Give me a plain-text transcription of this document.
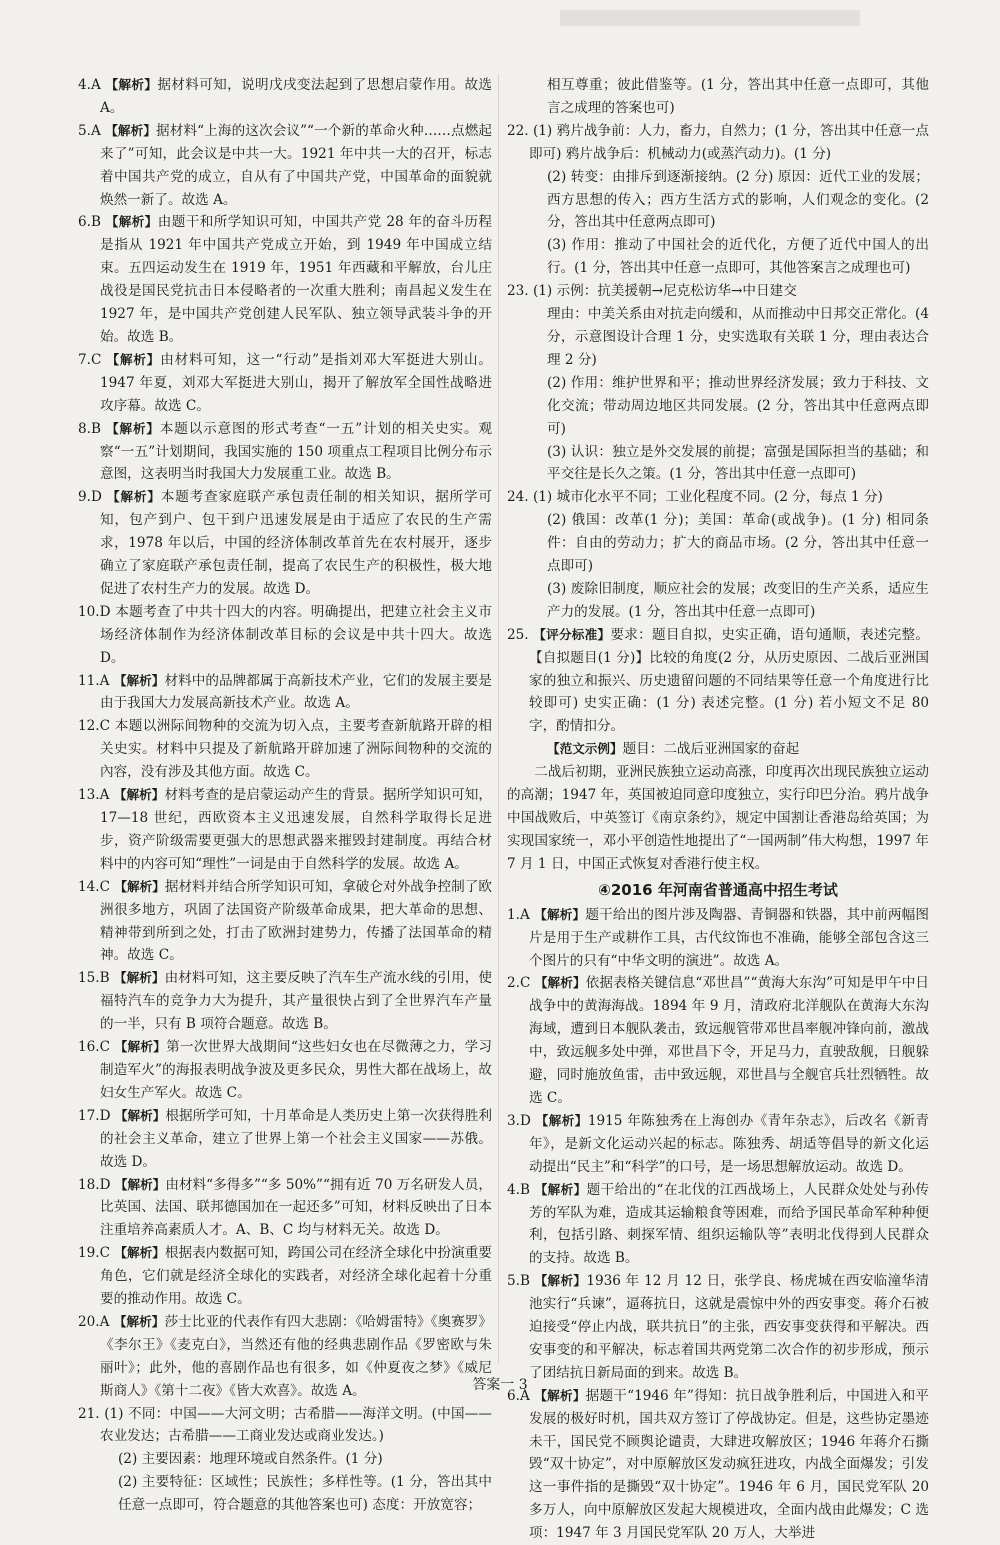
4.A 【解析】据材料可知，说明戊戌变法起到了思想启蒙作用。故选 A。

5.A 【解析】据材料“上海的这次会议”“一个新的革命火种……点燃起来了”可知，此会议是中共一大。1921 年中共一大的召开，标志着中国共产党的成立，自从有了中国共产党，中国革命的面貌就焕然一新了。故选 A。

6.B 【解析】由题干和所学知识可知，中国共产党 28 年的奋斗历程是指从 1921 年中国共产党成立开始，到 1949 年中国成立结束。五四运动发生在 1919 年，1951 年西藏和平解放，台儿庄战役是国民党抗击日本侵略者的一次重大胜利；南昌起义发生在 1927 年，是中国共产党创建人民军队、独立领导武装斗争的开始。故选 B。

7.C 【解析】由材料可知，这一“行动”是指刘邓大军挺进大别山。1947 年夏，刘邓大军挺进大别山，揭开了解放军全国性战略进攻序幕。故选 C。

8.B 【解析】本题以示意图的形式考查“一五”计划的相关史实。观察“一五”计划期间，我国实施的 150 项重点工程项目比例分布示意图，这表明当时我国大力发展重工业。故选 B。

9.D 【解析】本题考查家庭联产承包责任制的相关知识，据所学可知，包产到户、包干到户迅速发展是由于适应了农民的生产需求，1978 年以后，中国的经济体制改革首先在农村展开，逐步确立了家庭联产承包责任制，提高了农民生产的积极性，极大地促进了农村生产力的发展。故选 D。

10.D 本题考查了中共十四大的内容。明确提出，把建立社会主义市场经济体制作为经济体制改革目标的会议是中共十四大。故选 D。

11.A 【解析】材料中的品牌都属于高新技术产业，它们的发展主要是由于我国大力发展高新技术产业。故选 A。

12.C 本题以洲际间物种的交流为切入点，主要考查新航路开辟的相关史实。材料中只提及了新航路开辟加速了洲际间物种的交流的內容，没有涉及其他方面。故选 C。

13.A 【解析】材料考查的是启蒙运动产生的背景。据所学知识可知，17—18 世纪，西欧资本主义迅速发展，自然科学取得长足进步，资产阶级需要更强大的思想武器来摧毁封建制度。再结合材料中的内容可知“理性”一词是由于自然科学的发展。故选 A。

14.C 【解析】据材料并结合所学知识可知，拿破仑对外战争控制了欧洲很多地方，巩固了法国资产阶级革命成果，把大革命的思想、精神带到所到之处，打击了欧洲封建势力，传播了法国革命的精神。故选 C。

15.B 【解析】由材料可知，这主要反映了汽车生产流水线的引用，使福特汽车的竞争力大为提升，其产量很快占到了全世界汽车产量的一半，只有 B 项符合题意。故选 B。

16.C 【解析】第一次世界大战期间“这些妇女也在尽微薄之力，学习制造军火”的海报表明战争波及更多民众，男性大都在战场上，故妇女生产军火。故选 C。

17.D 【解析】根据所学可知，十月革命是人类历史上第一次获得胜利的社会主义革命，建立了世界上第一个社会主义国家——苏俄。故选 D。

18.D 【解析】由材料“多得多”“多 50%”“拥有近 70 万名研发人员，比英国、法国、联邦德国加在一起还多”可知，材料反映出了日本注重培养高素质人才。A、B、C 均与材料无关。故选 D。

19.C 【解析】根据表内数据可知，跨国公司在经济全球化中扮演重要角色，它们就是经济全球化的实践者，对经济全球化起着十分重要的推动作用。故选 C。

20.A 【解析】莎士比亚的代表作有四大悲剧：《哈姆雷特》《奥赛罗》《李尔王》《麦克白》，当然还有他的经典悲剧作品《罗密欧与朱丽叶》；此外，他的喜剧作品也有很多，如《仲夏夜之梦》《威尼斯商人》《第十二夜》《皆大欢喜》。故选 A。

21. (1) 不同：中国——大河文明；古希腊——海洋文明。(中国——农业发达；古希腊——工商业发达或商业发达。)

(2) 主要因素：地理环境或自然条件。(1 分)

(2) 主要特征：区域性；民族性；多样性等。(1 分，答出其中任意一点即可，符合题意的其他答案也可) 态度：开放宽容；

相互尊重；彼此借鉴等。(1 分，答出其中任意一点即可，其他言之成理的答案也可)

22. (1) 鸦片战争前：人力，畜力，自然力；(1 分，答出其中任意一点即可) 鸦片战争后：机械动力(或蒸汽动力)。(1 分)

(2) 转变：由排斥到逐渐接纳。(2 分) 原因：近代工业的发展；西方思想的传入；西方生活方式的影响，人们观念的变化。(2 分，答出其中任意两点即可)

(3) 作用：推动了中国社会的近代化，方便了近代中国人的出行。(1 分，答出其中任意一点即可，其他答案言之成理也可)

23. (1) 示例：抗美援朝→尼克松访华→中日建交

理由：中美关系由对抗走向缓和，从而推动中日邦交正常化。(4 分，示意图设计合理 1 分，史实选取有关联 1 分，理由表达合理 2 分)

(2) 作用：维护世界和平；推动世界经济发展；致力于科技、文化交流；带动周边地区共同发展。(2 分，答出其中任意两点即可)

(3) 认识：独立是外交发展的前提；富强是国际担当的基础；和平交往是长久之策。(1 分，答出其中任意一点即可)

24. (1) 城市化水平不同；工业化程度不同。(2 分，每点 1 分)

(2) 俄国：改革(1 分)；美国：革命(或战争)。(1 分) 相同条件：自由的劳动力；扩大的商品市场。(2 分，答出其中任意一点即可)

(3) 废除旧制度，顺应社会的发展；改变旧的生产关系，适应生产力的发展。(1 分，答出其中任意一点即可)

25. 【评分标准】要求：题目自拟，史实正确，语句通顺，表述完整。【自拟题目(1 分)】比较的角度(2 分，从历史原因、二战后亚洲国家的独立和振兴、历史遗留问题的不同结果等任意一个角度进行比较即可) 史实正确：(1 分) 表述完整。(1 分) 若小短文不足 80 字，酌情扣分。

【范文示例】题目：二战后亚洲国家的奋起

二战后初期，亚洲民族独立运动高涨，印度再次出现民族独立运动的高潮；1947 年，英国被迫同意印度独立，实行印巴分治。鸦片战争中国战败后，中英签订《南京条约》，规定中国割让香港岛给英国；为实现国家统一，邓小平创造性地提出了“一国两制”伟大构想，1997 年 7 月 1 日，中国正式恢复对香港行使主权。

④2016 年河南省普通高中招生考试

1.A 【解析】题干给出的图片涉及陶器、青铜器和铁器，其中前两幅图片是用于生产或耕作工具，古代纹饰也不准确，能够全部包含这三个图片的只有“中华文明的演进”。故选 A。

2.C 【解析】依据表格关键信息“邓世昌”“黄海大东沟”可知是甲午中日战争中的黄海海战。1894 年 9 月，清政府北洋舰队在黄海大东沟海域，遭到日本舰队袭击，致远舰管带邓世昌率舰冲锋向前，激战中，致远舰多处中弹，邓世昌下令，开足马力，直驶敌舰，日舰躲避，同时施放鱼雷，击中致远舰，邓世昌与全舰官兵壮烈牺牲。故选 C。

3.D 【解析】1915 年陈独秀在上海创办《青年杂志》，后改名《新青年》，是新文化运动兴起的标志。陈独秀、胡适等倡导的新文化运动提出“民主”和“科学”的口号，是一场思想解放运动。故选 D。

4.B 【解析】题干给出的“在北伐的江西战场上，人民群众处处与孙传芳的军队为难，造成其运输粮食等困难，而给予国民革命军种种便利，包括引路、刺探军情、组织运输队等”表明北伐得到人民群众的支持。故选 B。

5.B 【解析】1936 年 12 月 12 日，张学良、杨虎城在西安临潼华清池实行“兵谏”，逼蒋抗日，这就是震惊中外的西安事变。蒋介石被迫接受“停止内战，联共抗日”的主张，西安事变获得和平解决。西安事变的和平解决，标志着国共两党第二次合作的初步形成，预示了团结抗日新局面的到来。故选 B。

6.A 【解析】据题干“1946 年”得知：抗日战争胜利后，中国进入和平发展的极好时机，国共双方签订了停战协定。但是，这些协定墨迹未干，国民党不顾舆论谴责，大肆进攻解放区；1946 年蒋介石撕毁“双十协定”，对中原解放区发动疯狂进攻，内战全面爆发；引发这一事件指的是撕毁“双十协定”。1946 年 6 月，国民党军队 20 多万人，向中原解放区发起大规模进攻，全面内战由此爆发；C 选项：1947 年 3 月国民党军队 20 万人，大举进

答案一 3
